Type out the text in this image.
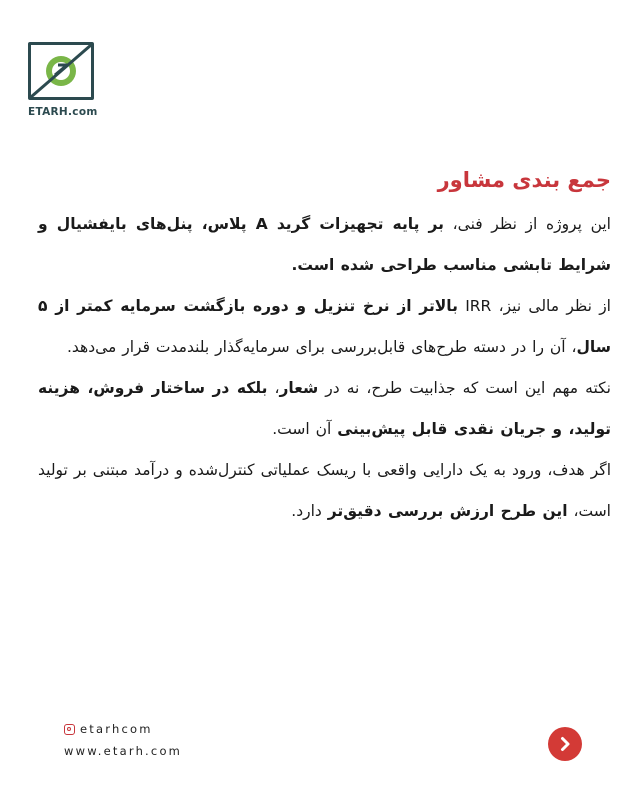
ETARH.com
جمع بندی مشاور

این پروژه از نظر فنی، بر پایه تجهیزات گرید A پلاس، پنل‌های بایفشیال و شرایط تابشی مناسب طراحی شده است.

از نظر مالی نیز، IRR بالاتر از نرخ تنزیل و دوره بازگشت سرمایه کمتر از ۵ سال، آن را در دسته طرح‌های قابل‌بررسی برای سرمایه‌گذار بلندمدت قرار می‌دهد.

نکته مهم این است که جذابیت طرح، نه در شعار، بلکه در ساختار فروش، هزینه تولید، و جریان نقدی قابل پیش‌بینی آن است.

اگر هدف، ورود به یک دارایی واقعی با ریسک عملیاتی کنترل‌شده و درآمد مبتنی بر تولید است، این طرح ارزش بررسی دقیق‌تر دارد.

etarhcom
www.etarh.com
